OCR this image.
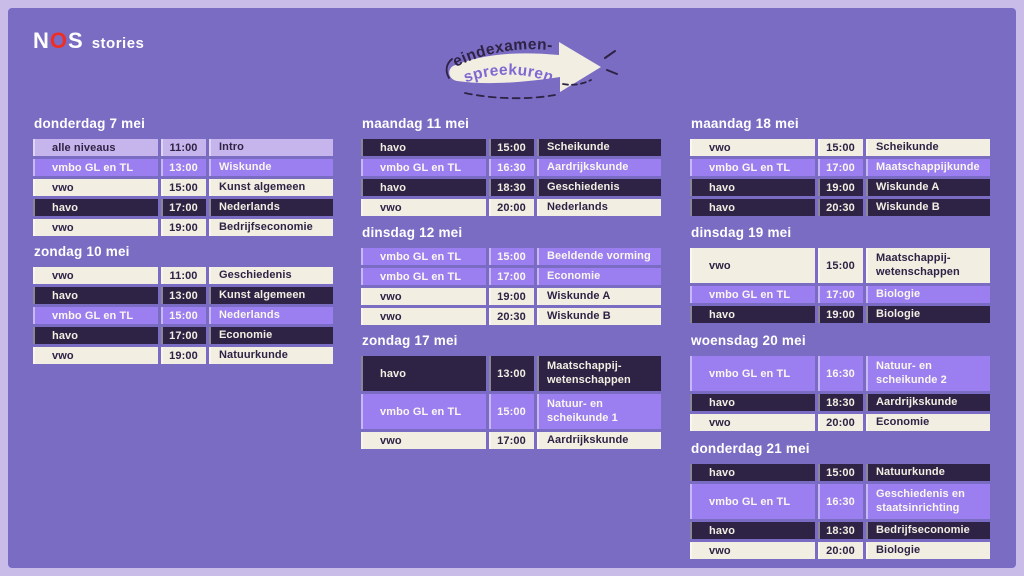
NOS stories
eindexamen-
spreekuren
donderdag 7 mei
alle niveaus	11:00	Intro
vmbo GL en TL	13:00	Wiskunde
vwo	15:00	Kunst algemeen
havo	17:00	Nederlands
vwo	19:00	Bedrijfseconomie
zondag 10 mei
vwo	11:00	Geschiedenis
havo	13:00	Kunst algemeen
vmbo GL en TL	15:00	Nederlands
havo	17:00	Economie
vwo	19:00	Natuurkunde
maandag 11 mei
havo	15:00	Scheikunde
vmbo GL en TL	16:30	Aardrijkskunde
havo	18:30	Geschiedenis
vwo	20:00	Nederlands
dinsdag 12 mei
vmbo GL en TL	15:00	Beeldende vorming
vmbo GL en TL	17:00	Economie
vwo	19:00	Wiskunde A
vwo	20:30	Wiskunde B
zondag 17 mei
havo	13:00
Maatschappij-wetenschappen
vmbo GL en TL	15:00
Natuur- en scheikunde 1
vwo	17:00	Aardrijkskunde
maandag 18 mei
vwo	15:00	Scheikunde
vmbo GL en TL	17:00	Maatschappijkunde
havo	19:00	Wiskunde A
havo	20:30	Wiskunde B
dinsdag 19 mei
vwo	15:00
Maatschappij-wetenschappen
vmbo GL en TL	17:00	Biologie
havo	19:00	Biologie
woensdag 20 mei
vmbo GL en TL	16:30
Natuur- en scheikunde 2
havo	18:30	Aardrijkskunde
vwo	20:00	Economie
donderdag 21 mei
havo	15:00	Natuurkunde
vmbo GL en TL	16:30
Geschiedenis en staatsinrichting
havo	18:30	Bedrijfseconomie
vwo	20:00	Biologie
